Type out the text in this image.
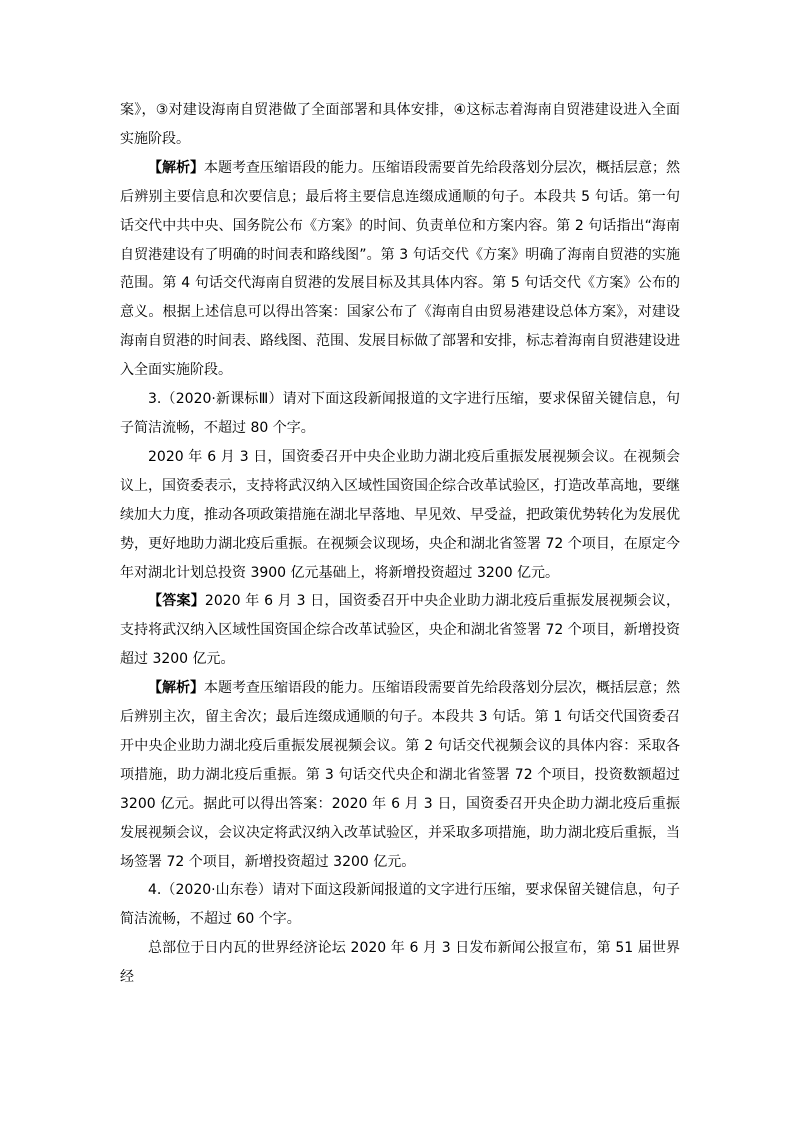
案》，③对建设海南自贸港做了全面部署和具体安排，④这标志着海南自贸港建设进入全面实施阶段。

【解析】本题考查压缩语段的能力。压缩语段需要首先给段落划分层次，概括层意；然后辨别主要信息和次要信息；最后将主要信息连缀成通顺的句子。本段共 5 句话。第一句话交代中共中央、国务院公布《方案》的时间、负责单位和方案内容。第 2 句话指出“海南自贸港建设有了明确的时间表和路线图”。第 3 句话交代《方案》明确了海南自贸港的实施范围。第 4 句话交代海南自贸港的发展目标及其具体内容。第 5 句话交代《方案》公布的意义。根据上述信息可以得出答案：国家公布了《海南自由贸易港建设总体方案》，对建设海南自贸港的时间表、路线图、范围、发展目标做了部署和安排，标志着海南自贸港建设进入全面实施阶段。

3.（2020·新课标Ⅲ）请对下面这段新闻报道的文字进行压缩，要求保留关键信息，句子简洁流畅，不超过 80 个字。

2020 年 6 月 3 日，国资委召开中央企业助力湖北疫后重振发展视频会议。在视频会议上，国资委表示，支持将武汉纳入区域性国资国企综合改革试验区，打造改革高地，要继续加大力度，推动各项政策措施在湖北早落地、早见效、早受益，把政策优势转化为发展优势，更好地助力湖北疫后重振。在视频会议现场，央企和湖北省签署 72 个项目，在原定今年对湖北计划总投资 3900 亿元基础上，将新增投资超过 3200 亿元。

【答案】2020 年 6 月 3 日，国资委召开中央企业助力湖北疫后重振发展视频会议，支持将武汉纳入区域性国资国企综合改革试验区，央企和湖北省签署 72 个项目，新增投资超过 3200 亿元。

【解析】本题考查压缩语段的能力。压缩语段需要首先给段落划分层次，概括层意；然后辨别主次，留主舍次；最后连缀成通顺的句子。本段共 3 句话。第 1 句话交代国资委召开中央企业助力湖北疫后重振发展视频会议。第 2 句话交代视频会议的具体内容：采取各项措施，助力湖北疫后重振。第 3 句话交代央企和湖北省签署 72 个项目，投资数额超过 3200 亿元。据此可以得出答案：2020 年 6 月 3 日，国资委召开央企助力湖北疫后重振发展视频会议，会议决定将武汉纳入改革试验区，并采取多项措施，助力湖北疫后重振，当场签署 72 个项目，新增投资超过 3200 亿元。

4.（2020·山东卷）请对下面这段新闻报道的文字进行压缩，要求保留关键信息，句子简洁流畅，不超过 60 个字。

总部位于日内瓦的世界经济论坛 2020 年 6 月 3 日发布新闻公报宣布，第 51 届世界经
